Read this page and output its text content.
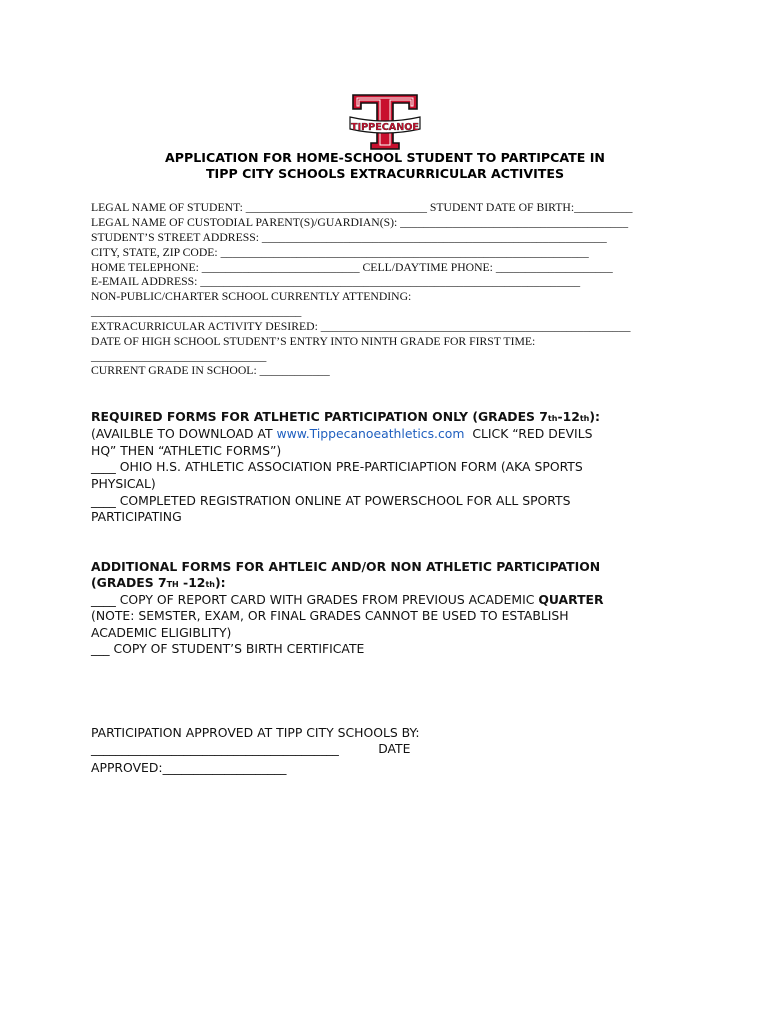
TIPPECANOE
APPLICATION FOR HOME-SCHOOL STUDENT TO PARTIPCATE IN
TIPP CITY SCHOOLS EXTRACURRICULAR ACTIVITES
LEGAL NAME OF STUDENT: _______________________________ STUDENT DATE OF BIRTH:__________
LEGAL NAME OF CUSTODIAL PARENT(S)/GUARDIAN(S): _______________________________________
STUDENT’S STREET ADDRESS: ___________________________________________________________
CITY, STATE, ZIP CODE: _______________________________________________________________
HOME TELEPHONE: ___________________________ CELL/DAYTIME PHONE: ____________________
E-EMAIL ADDRESS: _________________________________________________________________
NON-PUBLIC/CHARTER SCHOOL CURRENTLY ATTENDING:
____________________________________
EXTRACURRICULAR ACTIVITY DESIRED: _____________________________________________________
DATE OF HIGH SCHOOL STUDENT’S ENTRY INTO NINTH GRADE FOR FIRST TIME:
______________________________
CURRENT GRADE IN SCHOOL: ____________
REQUIRED FORMS FOR ATLHETIC PARTICIPATION ONLY (GRADES 7th-12th):
(AVAILBLE TO DOWNLOAD AT www.Tippecanoeathletics.com  CLICK “RED DEVILS
HQ” THEN “ATHLETIC FORMS”)
____ OHIO H.S. ATHLETIC ASSOCIATION PRE-PARTICIAPTION FORM (AKA SPORTS
PHYSICAL)
____ COMPLETED REGISTRATION ONLINE AT POWERSCHOOL FOR ALL SPORTS
PARTICIPATING
ADDITIONAL FORMS FOR AHTLEIC AND/OR NON ATHLETIC PARTICIPATION
(GRADES 7TH -12th):
____ COPY OF REPORT CARD WITH GRADES FROM PREVIOUS ACADEMIC QUARTER
(NOTE: SEMSTER, EXAM, OR FINAL GRADES CANNOT BE USED TO ESTABLISH
ACADEMIC ELIGIBLITY)
___ COPY OF STUDENT’S BIRTH CERTIFICATE
PARTICIPATION APPROVED AT TIPP CITY SCHOOLS BY:
________________________________________          DATE
APPROVED:____________________
